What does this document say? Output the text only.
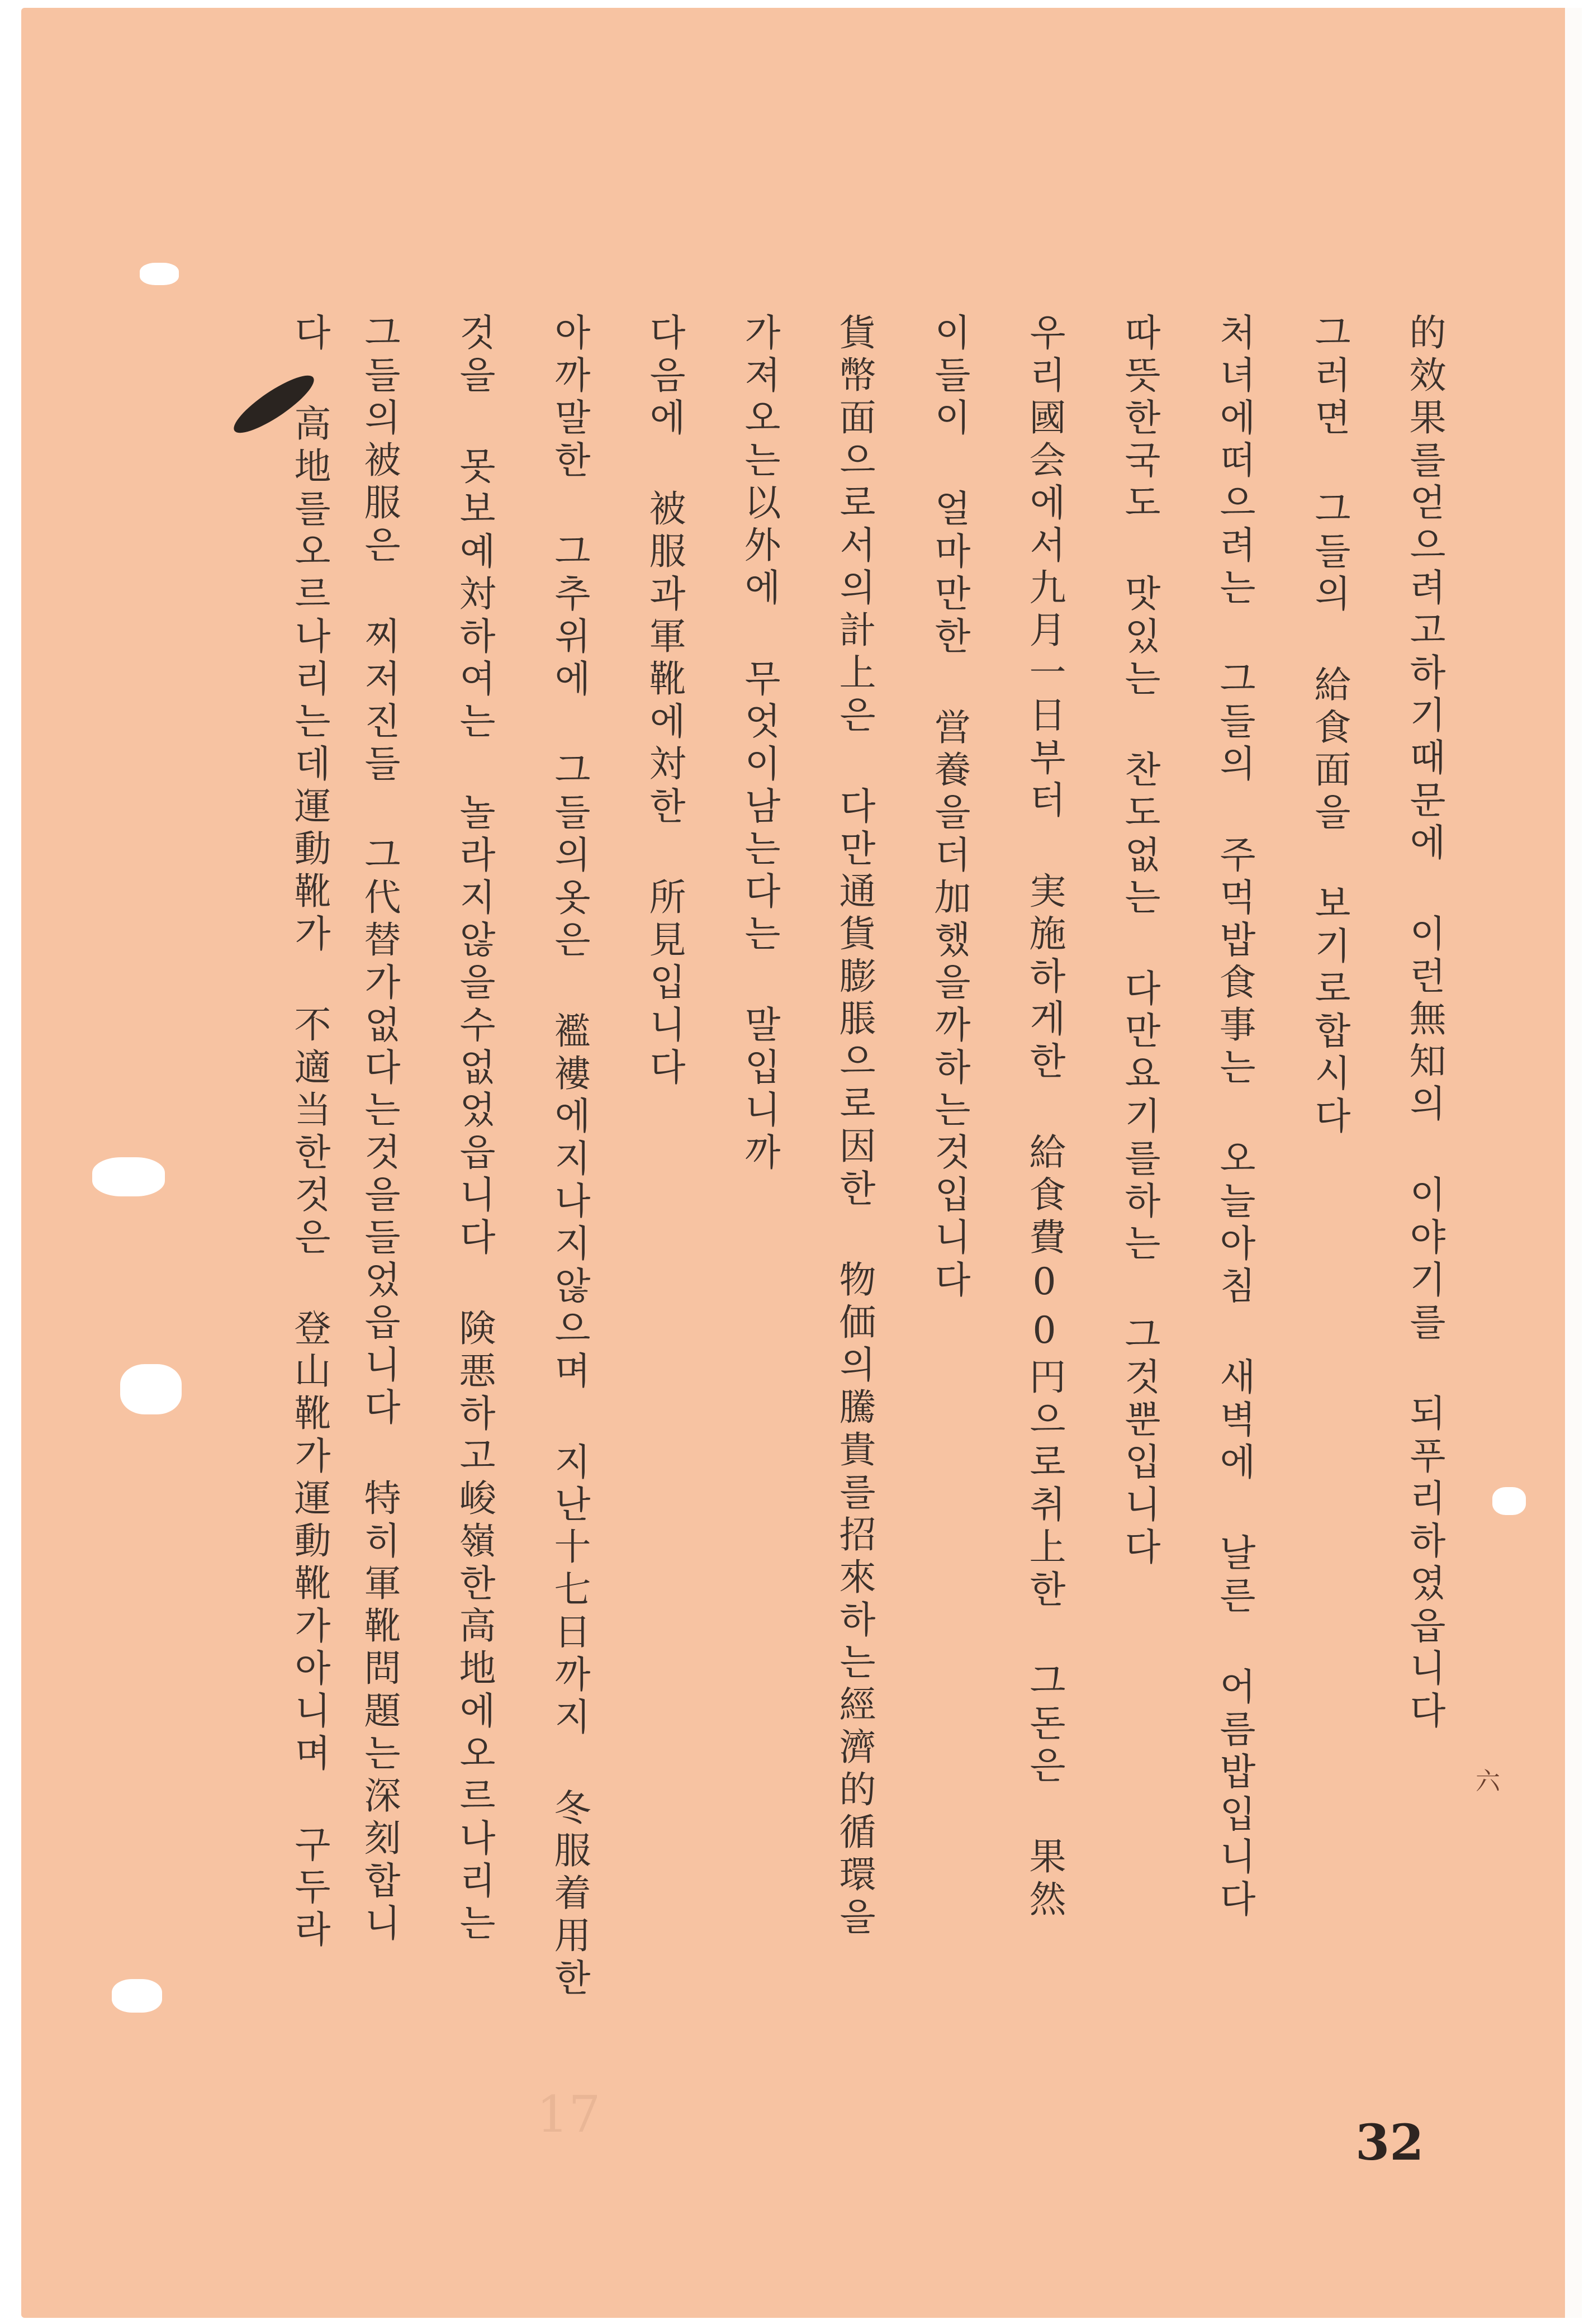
17
六
的效果를얻으려고하기때문에 이런無知의 이야기를 되푸리하였읍니다
그러면 그들의 給食面을 보기로합시다
처녀에떠으려는 그들의 주먹밥食事는 오늘아침 새벽에 날른 어름밥입니다
따뜻한국도 맛있는 찬도없는 다만요기를하는 그것뿐입니다
우리國会에서九月一日부터 実施하게한 給食費00円으로취上한 그돈은 果然
이들이 얼마만한 営養을더加했을까하는것입니다
貨幣面으로서의計上은 다만通貨膨脹으로因한 物価의騰貴를招來하는經濟的循環을
가져오는以外에 무엇이남는다는 말입니까
다음에 被服과軍靴에対한 所見입니다
아까말한 그추위에 그들의옷은 襤褸에지나지않으며 지난十七日까지 冬服着用한
것을 못보예対하여는 놀라지않을수없었읍니다 険悪하고峻嶺한高地에오르나리는
그들의被服은 찌저진들 그代替가없다는것을들었읍니다 特히軍靴問題는深刻합니
다 高地를오르나리는데運動靴가 不適当한것은 登山靴가運動靴가아니며 구두라
32
